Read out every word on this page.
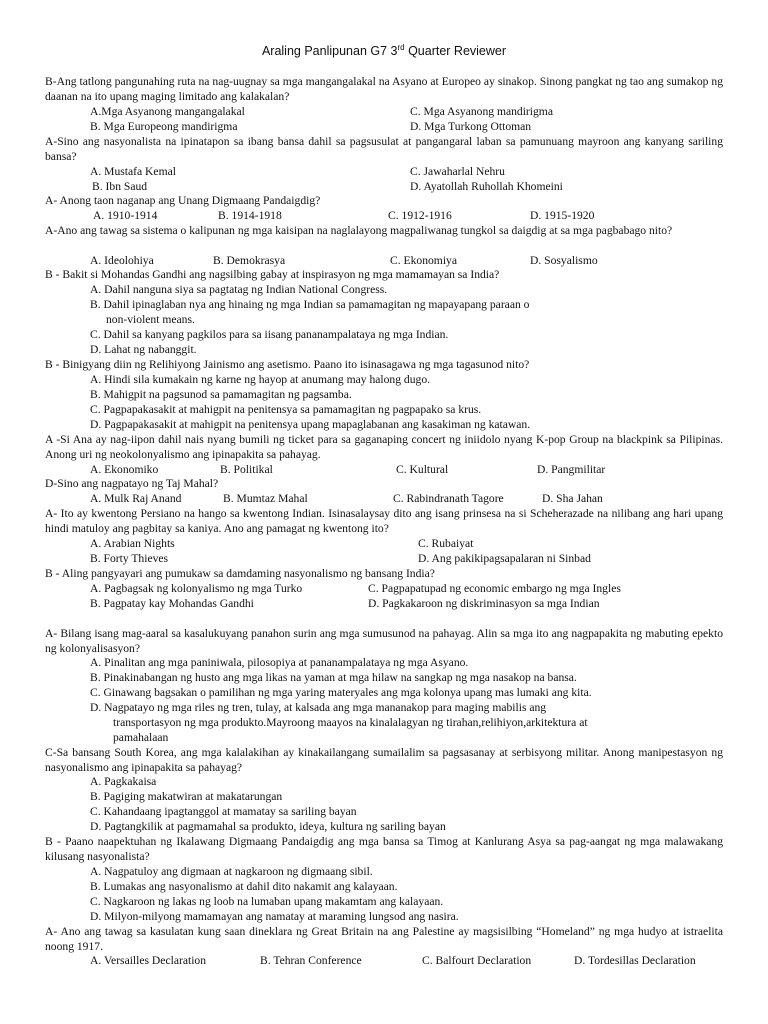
Araling Panlipunan G7 3rd Quarter Reviewer

B-Ang tatlong pangunahing ruta na nag-uugnay sa mga mangangalakal na Asyano at Europeo ay sinakop. Sinong pangkat ng tao ang sumakop ng daanan na ito upang maging limitado ang kalakalan?

A.Mga Asyanong mangangalakal	C. Mga Asyanong mandirigma
B. Mga Europeong mandirigma	D. Mga Turkong Ottoman

A-Sino ang nasyonalista na ipinatapon sa ibang bansa dahil sa pagsusulat at pangangaral laban sa pamunuang mayroon ang kanyang sariling bansa?

A. Mustafa Kemal	C. Jawaharlal Nehru
B. Ibn Saud	D. Ayatollah Ruhollah Khomeini

A- Anong taon naganap ang Unang Digmaang Pandaigdig?

A. 1910-1914	B. 1914-1918	C. 1912-1916	D. 1915-1920

A-Ano ang tawag sa sistema o kalipunan ng mga kaisipan na naglalayong magpaliwanag tungkol sa daigdig at sa mga pagbabago nito?

A. Ideolohiya	B. Demokrasya	C. Ekonomiya	D. Sosyalismo

B - Bakit si Mohandas Gandhi ang nagsilbing gabay at inspirasyon ng mga mamamayan sa India?

A. Dahil nanguna siya sa pagtatag ng Indian National Congress.
B. Dahil ipinaglaban nya ang hinaing ng mga Indian sa pamamagitan ng mapayapang paraan o
non-violent means.
C. Dahil sa kanyang pagkilos para sa iisang pananampalataya ng mga Indian.
D. Lahat ng nabanggit.

B - Binigyang diin ng Relihiyong Jainismo ang asetismo. Paano ito isinasagawa ng mga tagasunod nito?

A. Hindi sila kumakain ng karne ng hayop at anumang may halong dugo.
B. Mahigpit na pagsunod sa pamamagitan ng pagsamba.
C. Pagpapakasakit at mahigpit na penitensya sa pamamagitan ng pagpapako sa krus.
D. Pagpapakasakit at mahigpit na penitensya upang mapaglabanan ang kasakiman ng katawan.

A -Si Ana ay nag-iipon dahil nais nyang bumili ng ticket para sa gaganaping concert ng iniidolo nyang K-pop Group na blackpink sa Pilipinas. Anong uri ng neokolonyalismo ang ipinapakita sa pahayag.

A. Ekonomiko	B. Politikal	C. Kultural	D. Pangmilitar

D-Sino ang nagpatayo ng Taj Mahal?

A. Mulk Raj Anand	B. Mumtaz Mahal	C. Rabindranath Tagore	D. Sha Jahan

A- Ito ay kwentong Persiano na hango sa kwentong Indian. Isinasalaysay dito ang isang prinsesa na si Scheherazade na nilibang ang hari upang hindi matuloy ang pagbitay sa kaniya. Ano ang pamagat ng kwentong ito?

A. Arabian Nights	C. Rubaiyat
B. Forty Thieves	D. Ang pakikipagsapalaran ni Sinbad

B - Aling pangyayari ang pumukaw sa damdaming nasyonalismo ng bansang India?

A. Pagbagsak ng kolonyalismo ng mga Turko	C. Pagpapatupad ng economic embargo ng mga Ingles
B. Pagpatay kay Mohandas Gandhi	D. Pagkakaroon ng diskriminasyon sa mga Indian

A- Bilang isang mag-aaral sa kasalukuyang panahon surin ang mga sumusunod na pahayag. Alin sa mga ito ang nagpapakita ng mabuting epekto ng kolonyalisasyon?

A. Pinalitan ang mga paniniwala, pilosopiya at pananampalataya ng mga Asyano.
B. Pinakinabangan ng husto ang mga likas na yaman at mga hilaw na sangkap ng mga nasakop na bansa.
C. Ginawang bagsakan o pamilihan ng mga yaring materyales ang mga kolonya upang mas lumaki ang kita.
D. Nagpatayo ng mga riles ng tren, tulay, at kalsada ang mga mananakop para maging mabilis ang
transportasyon ng mga produkto.Mayroong maayos na kinalalagyan ng tirahan,relihiyon,arkitektura at
pamahalaan

C-Sa bansang South Korea, ang mga kalalakihan ay kinakailangang sumailalim sa pagsasanay at serbisyong militar. Anong manipestasyon ng nasyonalismo ang ipinapakita sa pahayag?

A. Pagkakaisa
B. Pagiging makatwiran at makatarungan
C. Kahandaang ipagtanggol at mamatay sa sariling bayan
D. Pagtangkilik at pagmamahal sa produkto, ideya, kultura ng sariling bayan

B - Paano naapektuhan ng Ikalawang Digmaang Pandaigdig ang mga bansa sa Timog at Kanlurang Asya sa pag-aangat ng mga malawakang kilusang nasyonalista?

A. Nagpatuloy ang digmaan at nagkaroon ng digmaang sibil.
B. Lumakas ang nasyonalismo at dahil dito nakamit ang kalayaan.
C. Nagkaroon ng lakas ng loob na lumaban upang makamtam ang kalayaan.
D. Milyon-milyong mamamayan ang namatay at maraming lungsod ang nasira.

A- Ano ang tawag sa kasulatan kung saan dineklara ng Great Britain na ang Palestine ay magsisilbing “Homeland” ng mga hudyo at istraelita noong 1917.

A. Versailles Declaration	B. Tehran Conference	C. Balfourt Declaration	D. Tordesillas Declaration
